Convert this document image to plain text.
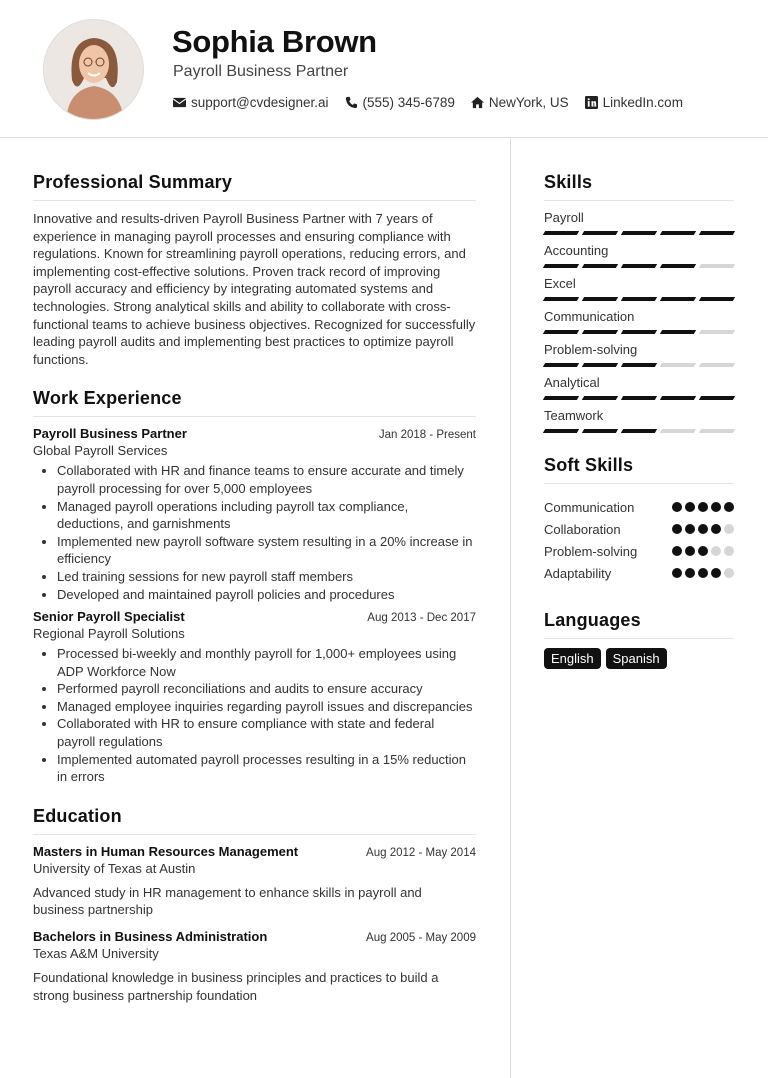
Sophia Brown
Payroll Business Partner
support@cvdesigner.ai	(555) 345-6789	NewYork, US	LinkedIn.com
Professional Summary

Innovative and results-driven Payroll Business Partner with 7 years of experience in managing payroll processes and ensuring compliance with regulations. Known for streamlining payroll operations, reducing errors, and implementing cost-effective solutions. Proven track record of improving payroll accuracy and efficiency by integrating automated systems and technologies. Strong analytical skills and ability to collaborate with cross-functional teams to achieve business objectives. Recognized for successfully leading payroll audits and implementing best practices to optimize payroll functions.

Work Experience
Payroll Business Partner	Jan 2018 - Present
Global Payroll Services
• Collaborated with HR and finance teams to ensure accurate and timely payroll processing for over 5,000 employees
• Managed payroll operations including payroll tax compliance, deductions, and garnishments
• Implemented new payroll software system resulting in a 20% increase in efficiency
• Led training sessions for new payroll staff members
• Developed and maintained payroll policies and procedures
Senior Payroll Specialist	Aug 2013 - Dec 2017
Regional Payroll Solutions
• Processed bi-weekly and monthly payroll for 1,000+ employees using ADP Workforce Now
• Performed payroll reconciliations and audits to ensure accuracy
• Managed employee inquiries regarding payroll issues and discrepancies
• Collaborated with HR to ensure compliance with state and federal payroll regulations
• Implemented automated payroll processes resulting in a 15% reduction in errors
Education
Masters in Human Resources Management	Aug 2012 - May 2014
University of Texas at Austin

Advanced study in HR management to enhance skills in payroll and business partnership

Bachelors in Business Administration	Aug 2005 - May 2009
Texas A&M University

Foundational knowledge in business principles and practices to build a strong business partnership foundation

Skills
Payroll
Accounting
Excel
Communication
Problem-solving
Analytical
Teamwork
Soft Skills
Communication
Collaboration
Problem-solving
Adaptability
Languages
English	Spanish
